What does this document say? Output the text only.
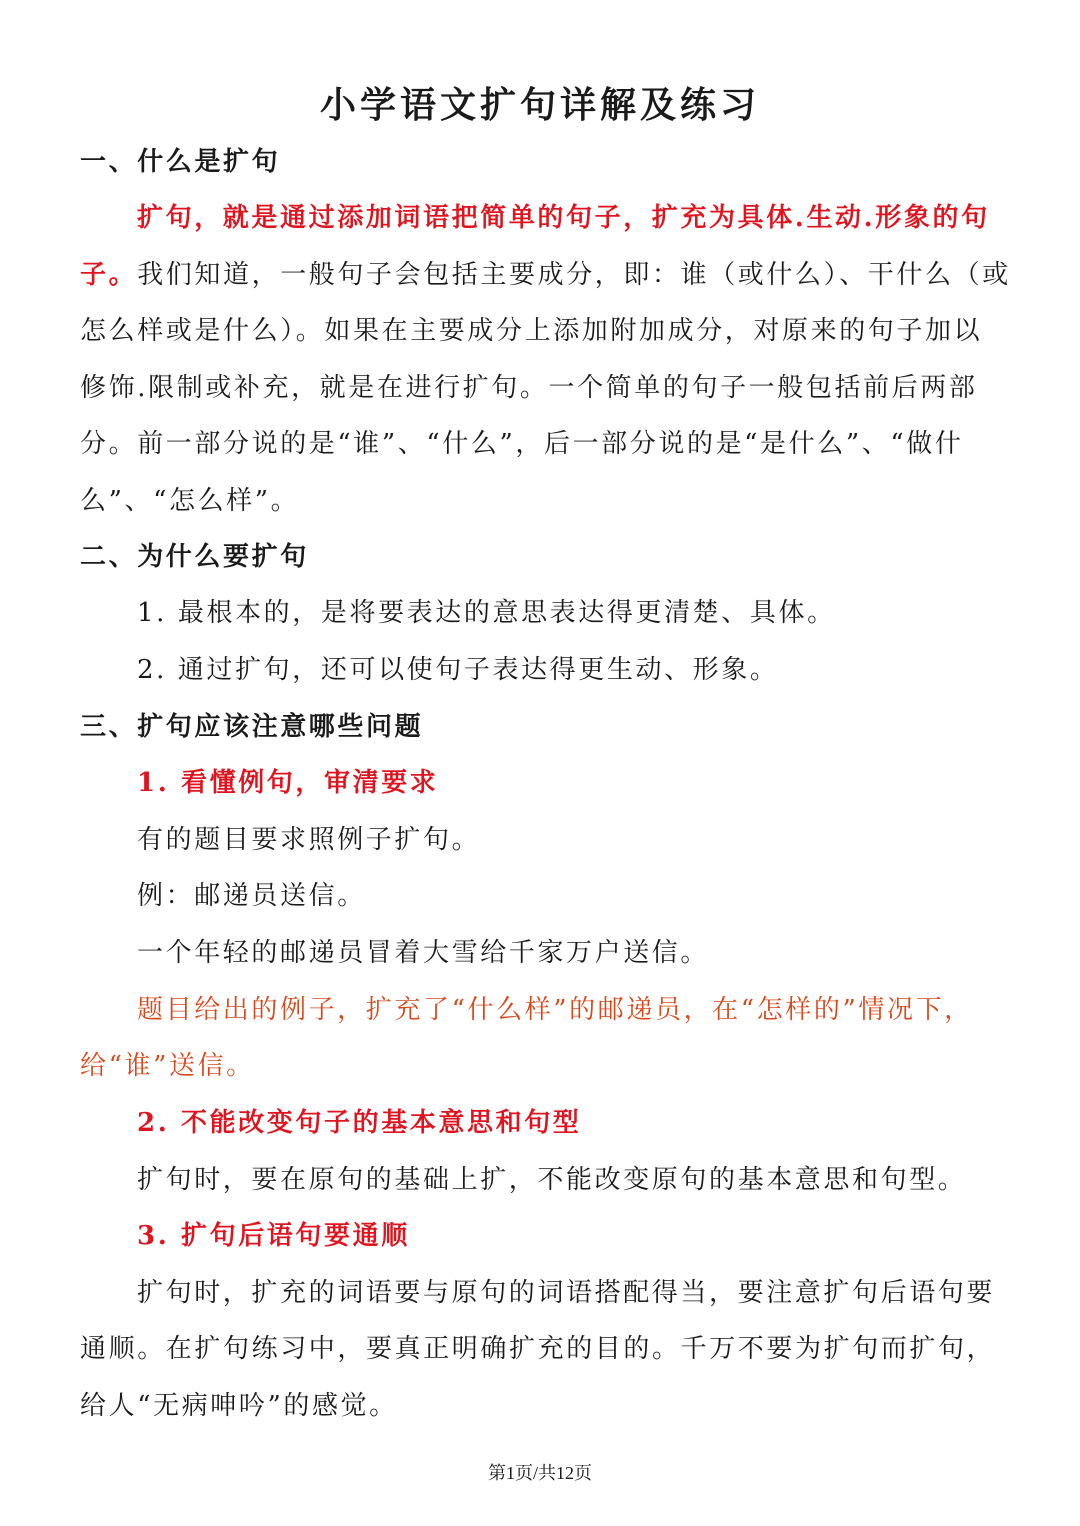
小学语文扩句详解及练习
一、什么是扩句
扩句，就是通过添加词语把简单的句子，扩充为具体.生动.形象的句
子。我们知道，一般句子会包括主要成分，即：谁（或什么）、干什么（或
怎么样或是什么）。如果在主要成分上添加附加成分，对原来的句子加以
修饰.限制或补充，就是在进行扩句。一个简单的句子一般包括前后两部
分。前一部分说的是“谁”、“什么”，后一部分说的是“是什么”、“做什
么”、“怎么样”。
二、为什么要扩句
1. 最根本的，是将要表达的意思表达得更清楚、具体。
2. 通过扩句，还可以使句子表达得更生动、形象。
三、扩句应该注意哪些问题
1. 看懂例句，审清要求
有的题目要求照例子扩句。
例：邮递员送信。
一个年轻的邮递员冒着大雪给千家万户送信。
题目给出的例子，扩充了“什么样”的邮递员，在“怎样的”情况下，
给“谁”送信。
2. 不能改变句子的基本意思和句型
扩句时，要在原句的基础上扩，不能改变原句的基本意思和句型。
3. 扩句后语句要通顺
扩句时，扩充的词语要与原句的词语搭配得当，要注意扩句后语句要
通顺。在扩句练习中，要真正明确扩充的目的。千万不要为扩句而扩句，
给人“无病呻吟”的感觉。
第1页/共12页
